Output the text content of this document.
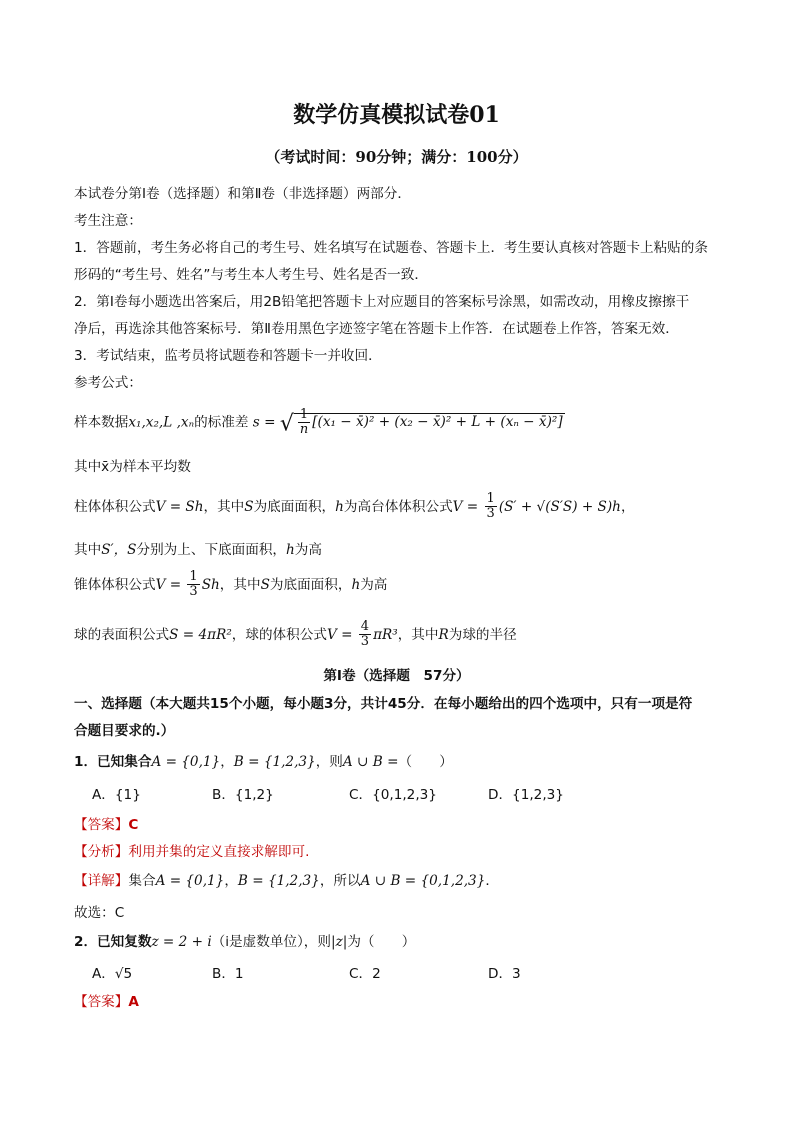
数学仿真模拟试卷01
（考试时间：90分钟；满分：100分）
本试卷分第Ⅰ卷（选择题）和第Ⅱ卷（非选择题）两部分．
考生注意：
1．答题前，考生务必将自己的考生号、姓名填写在试题卷、答题卡上．考生要认真核对答题卡上粘贴的条
形码的“考生号、姓名”与考生本人考生号、姓名是否一致．
2．第Ⅰ卷每小题选出答案后，用2B铅笔把答题卡上对应题目的答案标号涂黑，如需改动，用橡皮擦擦干
净后，再选涂其他答案标号．第Ⅱ卷用黑色字迹签字笔在答题卡上作答．在试题卷上作答，答案无效．
3．考试结束，监考员将试题卷和答题卡一并收回．
参考公式：
样本数据x₁,x₂,L ,xₙ的标准差 s = √ $\frac{1}{n} [(x_1$ − x̄)² + (x₂ − x̄)² + L + (xₙ − x̄)²]
其中x̄为样本平均数
柱体体积公式V = Sh，其中S为底面面积，h为高台体体积公式$V = \frac{1}{3} (S' + √(S'S) + S)h$，
其中S′，S分别为上、下底面面积，h为高
锥体体积公式$V = \frac{1}{3}$ Sh，其中S为底面面积，h为高
球的表面积公式S = 4πR²，球的体积公式$V = \frac{4}{3} \pi R^3$，其中R为球的半径
第Ⅰ卷（选择题　57分）
一、选择题（本大题共15个小题，每小题3分，共计45分．在每小题给出的四个选项中，只有一项是符
合题目要求的.）
1．已知集合A = {0,1}，B = {1,2,3}，则A ∪ B =（　　）
A．{1}	B．{1,2}	C．{0,1,2,3}	D．{1,2,3}
【答案】C
【分析】利用并集的定义直接求解即可.
【详解】集合A = {0,1}，B = {1,2,3}，所以A ∪ B = {0,1,2,3}．
故选：C
2．已知复数z = 2 + i（i是虚数单位），则|z|为（　　）
A．√5	B．1	C．2	D．3
【答案】A
